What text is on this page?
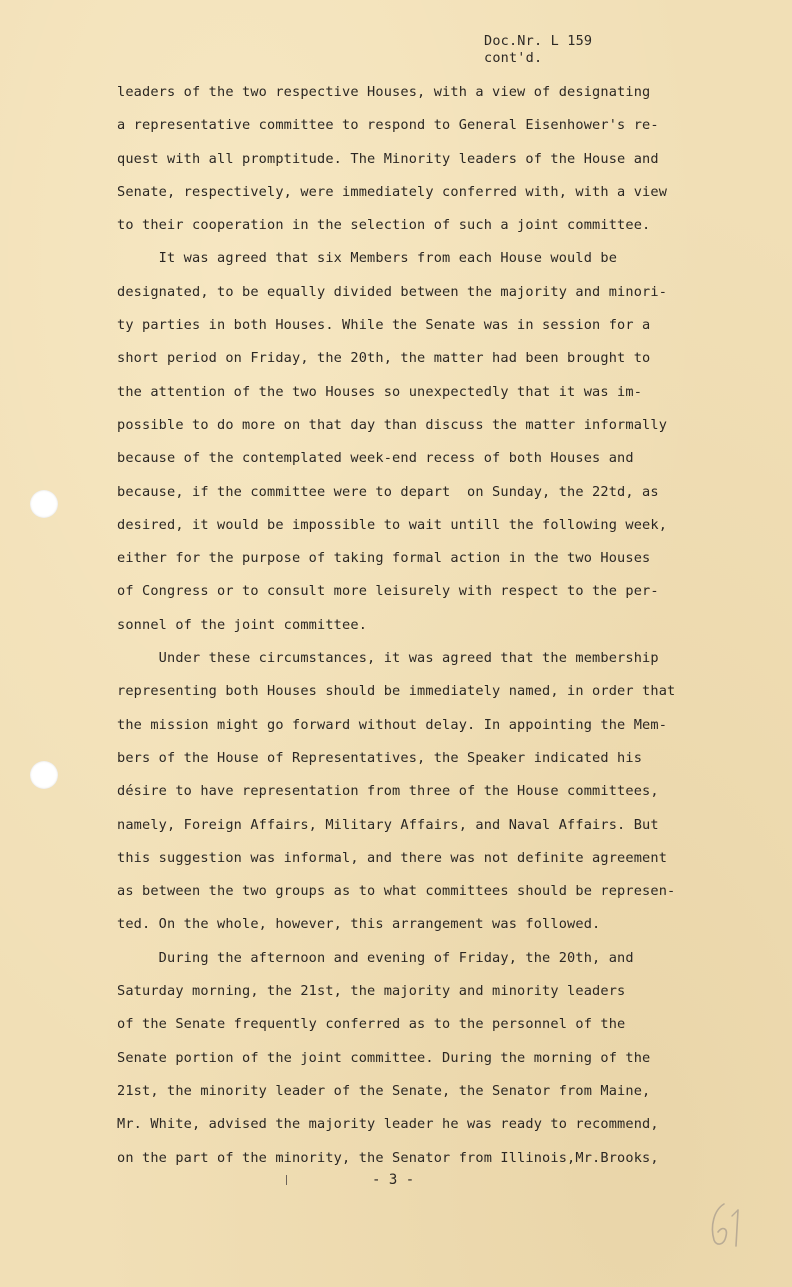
Doc.Nr. L 159
cont'd.
leaders of the two respective Houses, with a view of designating
a representative committee to respond to General Eisenhower's re-
quest with all promptitude. The Minority leaders of the House and
Senate, respectively, were immediately conferred with, with a view
to their cooperation in the selection of such a joint committee.
It was agreed that six Members from each House would be
designated, to be equally divided between the majority and minori-
ty parties in both Houses. While the Senate was in session for a
short period on Friday, the 20th, the matter had been brought to
the attention of the two Houses so unexpectedly that it was im-
possible to do more on that day than discuss the matter informally
because of the contemplated week-end recess of both Houses and
because, if the committee were to depart  on Sunday, the 22td, as
desired, it would be impossible to wait untill the following week,
either for the purpose of taking formal action in the two Houses
of Congress or to consult more leisurely with respect to the per-
sonnel of the joint committee.
Under these circumstances, it was agreed that the membership
representing both Houses should be immediately named, in order that
the mission might go forward without delay. In appointing the Mem-
bers of the House of Representatives, the Speaker indicated his
désire to have representation from three of the House committees,
namely, Foreign Affairs, Military Affairs, and Naval Affairs. But
this suggestion was informal, and there was not definite agreement
as between the two groups as to what committees should be represen-
ted. On the whole, however, this arrangement was followed.
During the afternoon and evening of Friday, the 20th, and
Saturday morning, the 21st, the majority and minority leaders
of the Senate frequently conferred as to the personnel of the
Senate portion of the joint committee. During the morning of the
21st, the minority leader of the Senate, the Senator from Maine,
Mr. White, advised the majority leader he was ready to recommend,
on the part of the minority, the Senator from Illinois,Mr.Brooks,
- 3 -
